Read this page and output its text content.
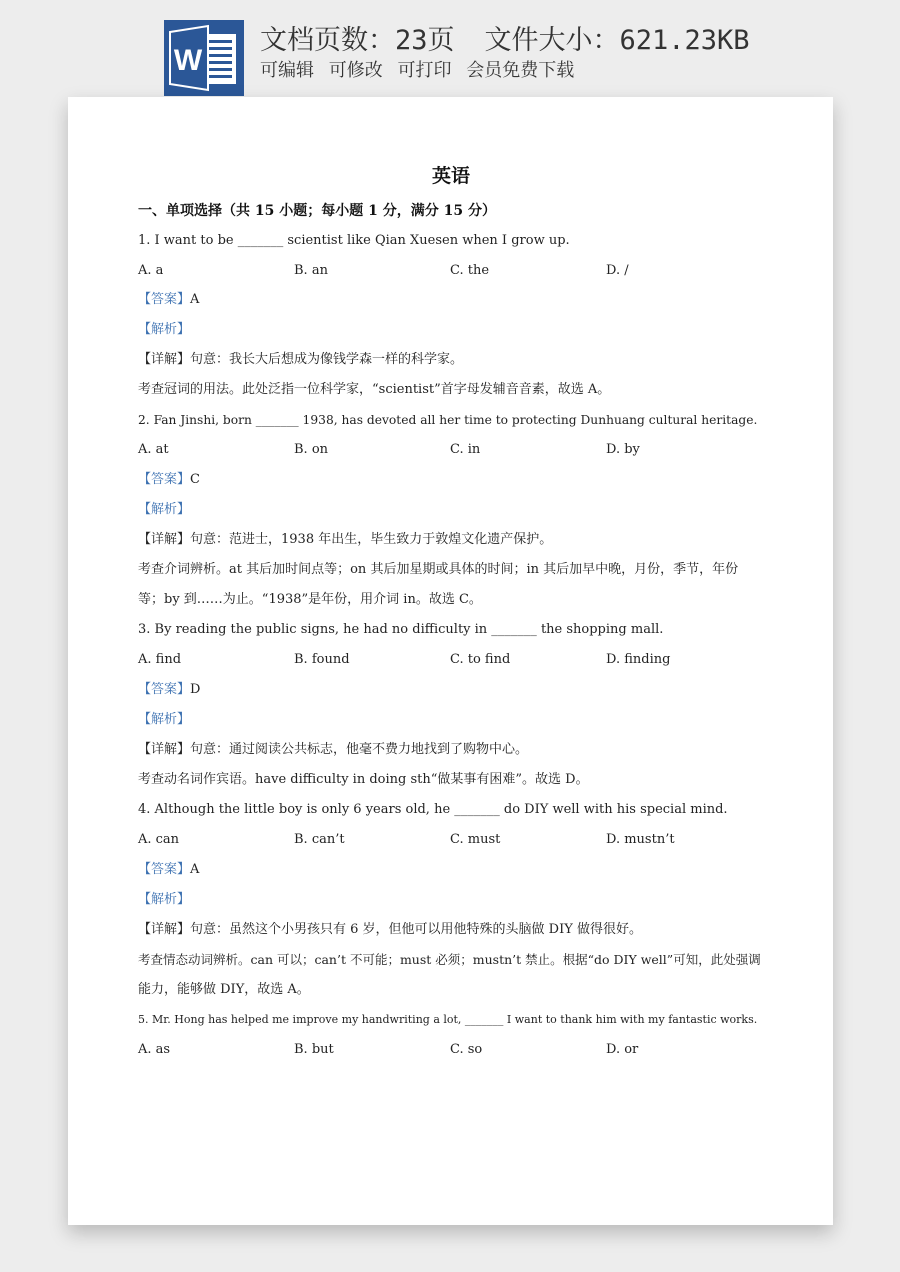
W
文档页数：23页 文件大小：621.23KB
可编辑 可修改 可打印 会员免费下载
英语
一、单项选择（共 15 小题；每小题 1 分，满分 15 分）
1. I want to be _______ scientist like Qian Xuesen when I grow up.
A. a	B. an	C. the	D. /
【答案】A
【解析】
【详解】句意：我长大后想成为像钱学森一样的科学家。
考查冠词的用法。此处泛指一位科学家，“scientist”首字母发辅音音素，故选 A。
2. Fan Jinshi, born _______ 1938, has devoted all her time to protecting Dunhuang cultural heritage.
A. at	B. on	C. in	D. by
【答案】C
【解析】
【详解】句意：范进士，1938 年出生，毕生致力于敦煌文化遗产保护。
考查介词辨析。at 其后加时间点等；on 其后加星期或具体的时间；in 其后加早中晚，月份，季节，年份
等；by 到……为止。“1938”是年份，用介词 in。故选 C。
3. By reading the public signs, he had no difficulty in _______ the shopping mall.
A. find	B. found	C. to find	D. finding
【答案】D
【解析】
【详解】句意：通过阅读公共标志，他毫不费力地找到了购物中心。
考查动名词作宾语。have difficulty in doing sth“做某事有困难”。故选 D。
4. Although the little boy is only 6 years old, he _______ do DIY well with his special mind.
A. can	B. can’t	C. must	D. mustn’t
【答案】A
【解析】
【详解】句意：虽然这个小男孩只有 6 岁，但他可以用他特殊的头脑做 DIY 做得很好。
考查情态动词辨析。can 可以；can’t 不可能；must 必须；mustn’t 禁止。根据“do DIY well”可知，此处强调
能力，能够做 DIY，故选 A。
5. Mr. Hong has helped me improve my handwriting a lot, _______ I want to thank him with my fantastic works.
A. as	B. but	C. so	D. or
